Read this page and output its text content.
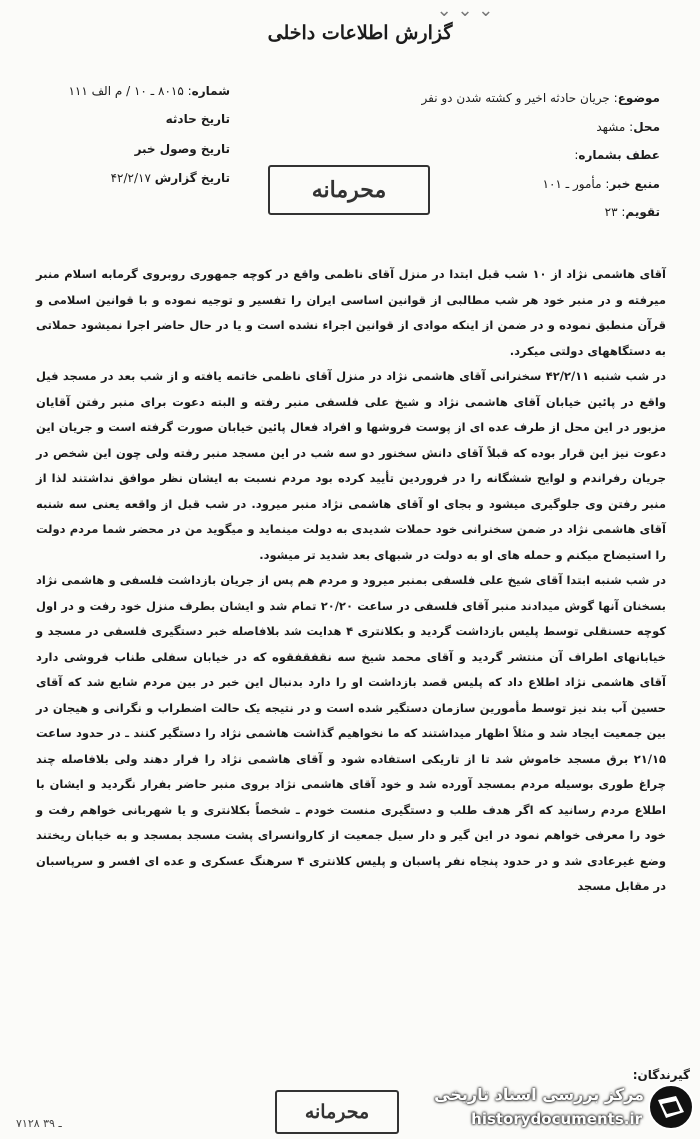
⌄ ⌄ ⌄
گزارش اطلاعات داخلی
موضوع: جریان حادثه اخیر و کشته شدن دو نفر
محل: مشهد
عطف بشماره:
منبع خبر: مأمور ـ ۱۰۱
تقویم: ۲۳
شماره: ۸۰۱۵ ـ ۱۰ / م الف ۱۱۱
تاریخ حادثه
تاریخ وصول خبر
تاریخ گزارش ۴۲/۲/۱۷	محرمانه

آقای هاشمی نژاد از ۱۰ شب قبل ابتدا در منزل آقای ناظمی واقع در کوچه جمهوری روبروی گرمابه اسلام منبر میرفته و در منبر خود هر شب مطالبی از قوانین اساسی ایران را تفسیر و توجیه نموده و با قوانین اسلامی و قرآن منطبق نموده و در ضمن از اینکه موادی از قوانین اجراء نشده است و یا در حال حاضر اجرا نمیشود حملاتی به دستگاههای دولتی میکرد.

در شب شنبه ۴۲/۲/۱۱ سخنرانی آقای هاشمی نژاد در منزل آقای ناظمی خاتمه یافته و از شب بعد در مسجد فیل واقع در پائین خیابان آقای هاشمی نژاد و شیخ علی فلسفی منبر رفته و البته دعوت برای منبر رفتن آقایان مزبور در این محل از طرف عده ای از پوست فروشها و افراد فعال پائین خیابان صورت گرفته است و جریان این دعوت نیز این قرار بوده که قبلاً آقای دانش سخنور دو سه شب در این مسجد منبر رفته ولی چون این شخص در جریان رفراندم و لوایح ششگانه را در فروردین تأیید کرده بود مردم نسبت به ایشان نظر موافق نداشتند لذا از منبر رفتن وی جلوگیری میشود و بجای او آقای هاشمی نژاد منبر میرود. در شب قبل از واقعه یعنی سه شنبه آقای هاشمی نژاد در ضمن سخنرانی خود حملات شدیدی به دولت مینماید و میگوید من در محضر شما مردم دولت را استیضاح میکنم و حمله های او به دولت در شبهای بعد شدید تر میشود.

در شب شنبه ابتدا آقای شیخ علی فلسفی بمنبر میرود و مردم هم پس از جریان بازداشت فلسفی و هاشمی نژاد بسخنان آنها گوش میدادند منبر آقای فلسفی در ساعت ۲۰/۲۰ تمام شد و ایشان بطرف منزل خود رفت و در اول کوچه حسنقلی توسط پلیس بازداشت گردید و بکلانتری ۴ هدایت شد بلافاصله خبر دستگیری فلسفی در مسجد و خیابانهای اطراف آن منتشر گردید و آقای محمد شیخ سه نقفقفقوه که در خیابان سفلی طناب فروشی دارد آقای هاشمی نژاد اطلاع داد که پلیس قصد بازداشت او را دارد بدنبال این خبر در بین مردم شایع شد که آقای حسین آب بند نیز توسط مأمورین سازمان دستگیر شده است و در نتیجه یک حالت اضطراب و نگرانی و هیجان در بین جمعیت ایجاد شد و مثلاً اظهار میداشتند که ما نخواهیم گذاشت هاشمی نژاد را دستگیر کنند ـ در حدود ساعت ۲۱/۱۵ برق مسجد خاموش شد تا از تاریکی استفاده شود و آقای هاشمی نژاد را فرار دهند ولی بلافاصله چند چراغ طوری بوسیله مردم بمسجد آورده شد و خود آقای هاشمی نژاد بروی منبر حاضر بفرار نگردید و ایشان با اطلاع مردم رسانید که اگر هدف طلب و دستگیری منست خودم ـ شخصاً بکلانتری و یا شهربانی خواهم رفت و خود را معرفی خواهم نمود در این گیر و دار سیل جمعیت از کاروانسرای پشت مسجد بمسجد و به خیابان ریختند وضع غیرعادی شد و در حدود پنجاه نفر پاسبان و پلیس کلانتری ۴ سرهنگ عسکری و عده ای افسر و سرپاسبان در مقابل مسجد

۷۱۲۸ ـ ۳۹
محرمانه
گیرندگان:
مرکز بررسی اسناد تاریخی
historydocuments.ir
